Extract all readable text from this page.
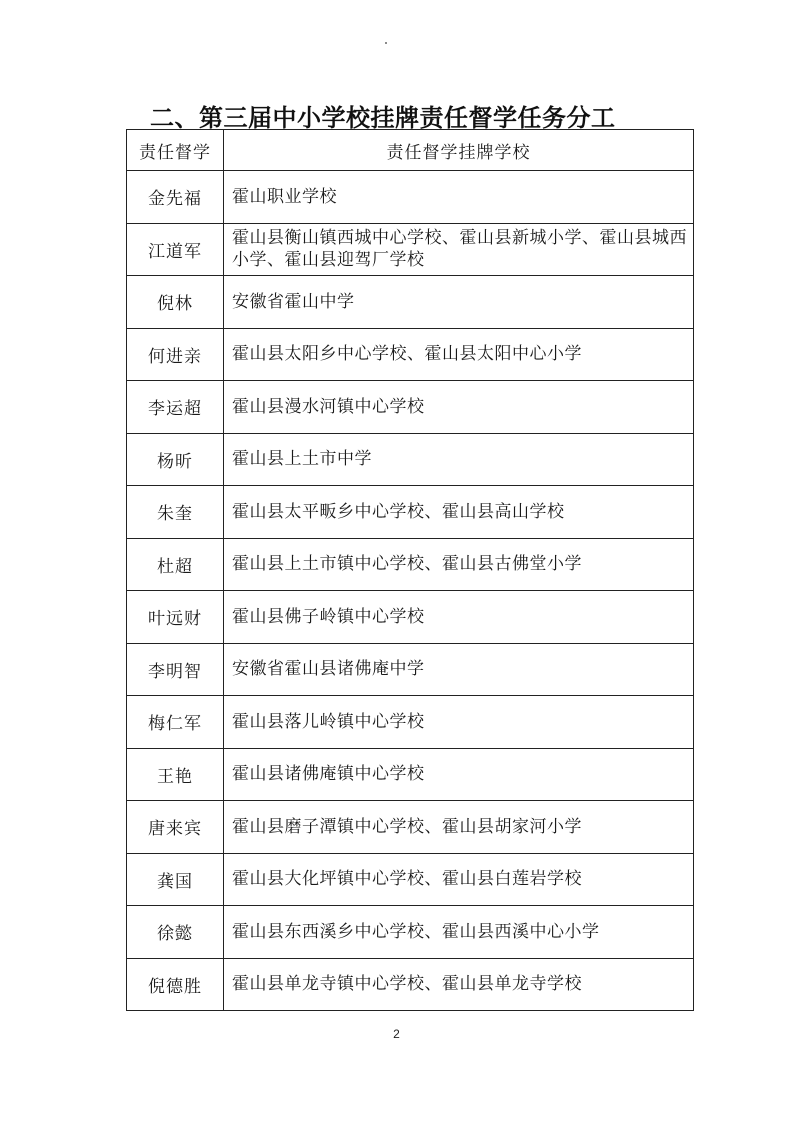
二、第三届中小学校挂牌责任督学任务分工
责任督学	责任督学挂牌学校
金先福	霍山职业学校
江道军	霍山县衡山镇西城中心学校、霍山县新城小学、霍山县城西小学、霍山县迎驾厂学校
倪林	安徽省霍山中学
何进亲	霍山县太阳乡中心学校、霍山县太阳中心小学
李运超	霍山县漫水河镇中心学校
杨昕	霍山县上土市中学
朱奎	霍山县太平畈乡中心学校、霍山县高山学校
杜超	霍山县上土市镇中心学校、霍山县古佛堂小学
叶远财	霍山县佛子岭镇中心学校
李明智	安徽省霍山县诸佛庵中学
梅仁军	霍山县落儿岭镇中心学校
王艳	霍山县诸佛庵镇中心学校
唐来宾	霍山县磨子潭镇中心学校、霍山县胡家河小学
龚国	霍山县大化坪镇中心学校、霍山县白莲岩学校
徐懿	霍山县东西溪乡中心学校、霍山县西溪中心小学
倪德胜	霍山县单龙寺镇中心学校、霍山县单龙寺学校
2
